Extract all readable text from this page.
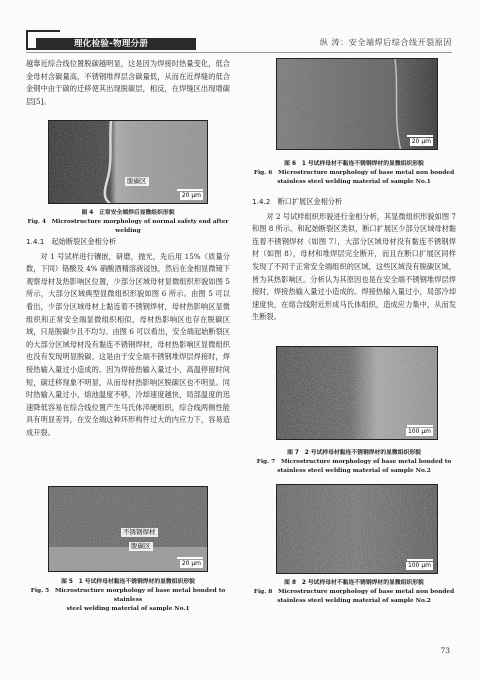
理化检验-物理分册	纵 涛：安全端焊后综合线开裂原因

越靠近综合线位置脱碳越明显，这是因为焊接时热量变化，低合金母材含碳量高，不锈钢堆焊层含碳量低，从而在近焊缝的低合金钢中由于碳的迁移使其出现脱碳层，相反，在焊缝区出现增碳层[5]。

脱碳区
20 μm
图 4　正常安全端焊后显微组织形貌
Fig. 4　Microstructure morphology of normal safety end after welding
1.4.1　起始断裂区金相分析

对 1 号试样进行镶嵌，研磨，抛光，先后用 15%（质量分数，下同）铬酸及 4% 硝酸酒精溶液浸蚀，然后在金相显微镜下观察母材及热影响区位置，少部分区域母材显微组织形貌如图 5 所示，大部分区域典型显微组织形貌如图 6 所示。由图 5 可以看出，少部分区域母材上黏连着不锈钢焊材，母材热影响区显微组织和正常安全端显微组织相似，母材热影响区也存在脱碳区域，只是脱碳少且不均匀。由图 6 可以看出，安全端起始断裂区的大部分区域母材没有黏连不锈钢焊材，母材热影响区显微组织也没有发现明显脱碳。这是由于安全端不锈钢堆焊层焊接时，焊接热输入量过小造成的。因为焊接热输入量过小，高温停留时间短，碳迁移现象不明显，从而母材热影响区脱碳区也不明显。同时热输入量过小，熔池温度不够，冷却速度越快，局部温度的迅速降低容易在综合线位置产生马氏体淬硬组织，综合线两侧性能具有明显差异，在安全端这种环形构件过大的内应力下，容易造成开裂。

不锈钢焊材
脱碳区
20 μm
图 5　1 号试样母材黏连不锈钢焊材的显微组织形貌
Fig. 5　Microstructure morphology of base metal bonded to stainless
steel welding material of sample No.1
20 μm
图 6　1 号试样母材不黏连不锈钢焊材的显微组织形貌
Fig. 6　Microstructure morphology of base metal non bonded
stainless steel welding material of sample No.1
1.4.2　断口扩展区金相分析

对 2 号试样组织形貌进行金相分析，其显微组织形貌如图 7 和图 8 所示。和起始断裂区类似，断口扩展区少部分区域母材黏连着不锈钢焊材（如图 7），大部分区域母材没有黏连不锈钢焊材（如图 8），母材和堆焊层完全断开，而且在断口扩展区同样发现了不同于正常安全端组织的区域，这些区域没有脱碳区域，皆为其热影响区。分析认为其原因也是在安全端不锈钢堆焊层焊接时，焊接热输入量过小造成的。焊接热输入量过小，局部冷却速度快，在熔合线附近形成马氏体组织，造成应力集中，从而发生断裂。

100 μm
图 7　2 号试样母材黏连不锈钢焊材的显微组织形貌
Fig. 7　Microstructure morphology of base metal bonded to
stainless steel welding material of sample No.2
100 μm
图 8　2 号试样母材不黏连不锈钢焊材的显微组织形貌
Fig. 8　Microstructure morphology of base metal non bonded
stainless steel welding material of sample No.2
73
